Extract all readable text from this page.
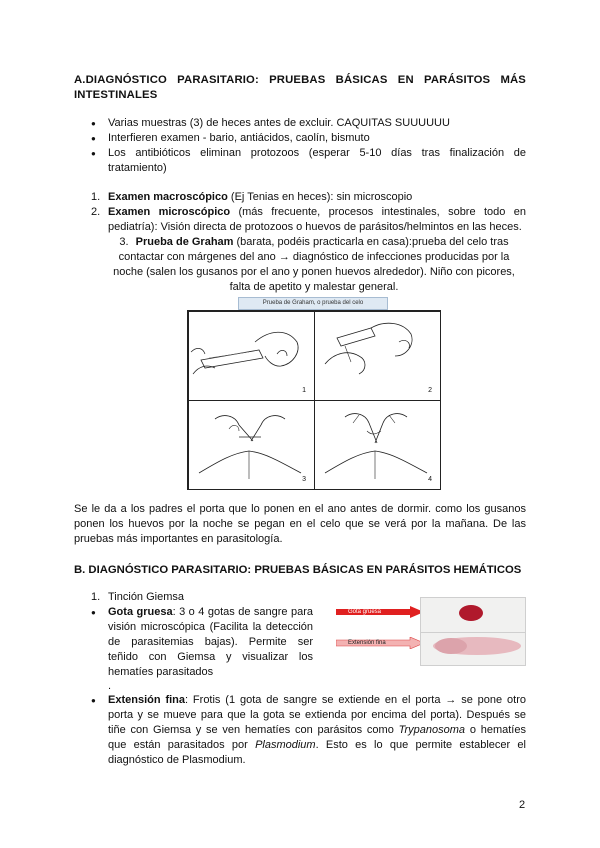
A.DIAGNÓSTICO PARASITARIO: PRUEBAS BÁSICAS EN PARÁSITOS MÁS INTESTINALES
● Varias muestras (3) de heces antes de excluir. CAQUITAS SUUUUUU
● Interfieren examen - bario, antiácidos, caolín, bismuto
● Los antibióticos eliminan protozoos (esperar 5-10 días tras finalización de tratamiento)
1. Examen macroscópico (Ej Tenias en heces): sin microscopio
2. Examen microscópico (más frecuente, procesos intestinales, sobre todo en pediatría): Visión directa de protozoos o huevos de parásitos/helmintos en las heces.
3. Prueba de Graham (barata, podéis practicarla en casa):prueba del celo tras contactar con márgenes del ano → diagnóstico de infecciones producidas por la noche (salen los gusanos por el ano y ponen huevos alrededor). Niño con picores, falta de apetito y malestar general.
Prueba de Graham, o prueba del celo
1	2
3	4
Se le da a los padres el porta que lo ponen en el ano antes de dormir. como los gusanos ponen los huevos por la noche se pegan en el celo que se verá por la mañana. De las pruebas más importantes en parasitología.
B. DIAGNÓSTICO PARASITARIO: PRUEBAS BÁSICAS EN PARÁSITOS HEMÁTICOS
1. Tinción Giemsa
● Gota gruesa: 3 o 4 gotas de sangre para visión microscópica (Facilita la detección de parasitemias bajas). Permite ser teñido con Giemsa y visualizar los hematíes parasitados
.
Gota gruesa
Extensión fina
● Extensión fina: Frotis (1 gota de sangre se extiende en el porta → se pone otro porta y se mueve para que la gota se extienda por encima del porta). Después se tiñe con Giemsa y se ven hematíes con parásitos como Trypanosoma o hematíes que están parasitados por Plasmodium. Esto es lo que permite establecer el diagnóstico de Plasmodium.
2
